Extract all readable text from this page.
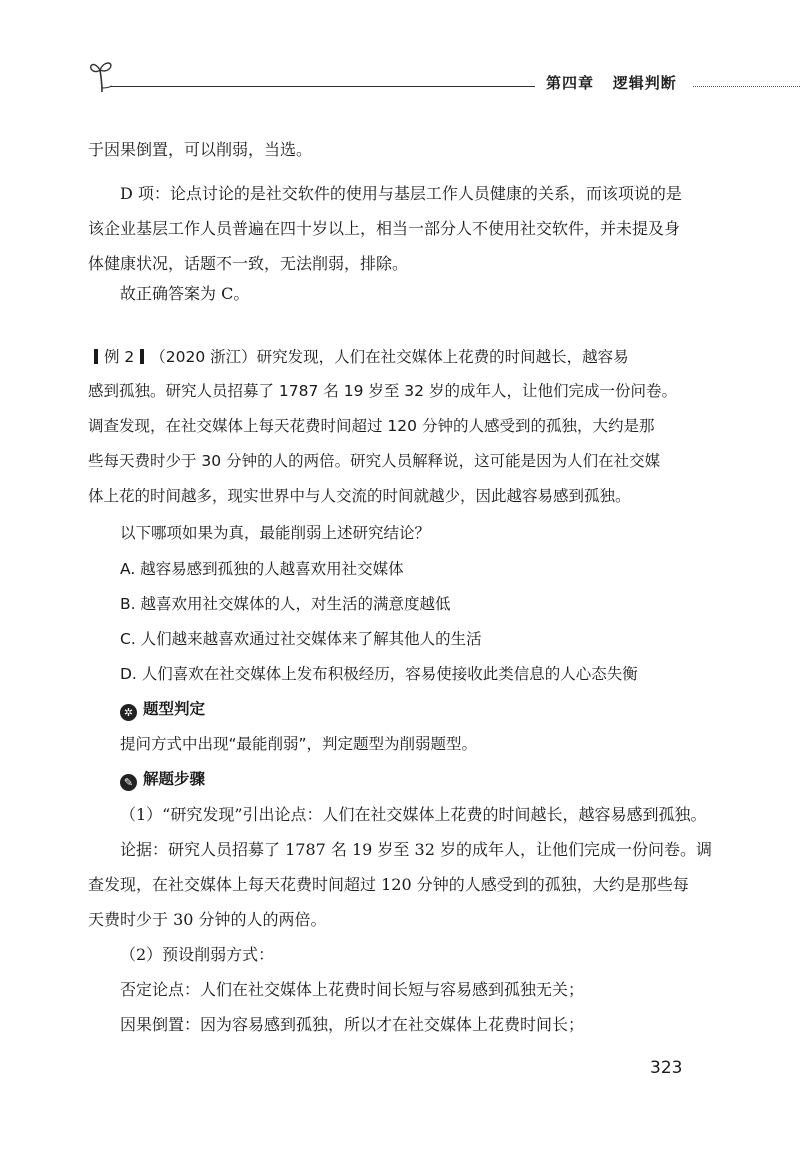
第四章 逻辑判断
于因果倒置，可以削弱，当选。
D 项：论点讨论的是社交软件的使用与基层工作人员健康的关系，而该项说的是
该企业基层工作人员普遍在四十岁以上，相当一部分人不使用社交软件，并未提及身
体健康状况，话题不一致，无法削弱，排除。
故正确答案为 C。
例 2 （2020 浙江）研究发现，人们在社交媒体上花费的时间越长，越容易
感到孤独。研究人员招募了 1787 名 19 岁至 32 岁的成年人，让他们完成一份问卷。
调查发现，在社交媒体上每天花费时间超过 120 分钟的人感受到的孤独，大约是那
些每天费时少于 30 分钟的人的两倍。研究人员解释说，这可能是因为人们在社交媒
体上花的时间越多，现实世界中与人交流的时间就越少，因此越容易感到孤独。
以下哪项如果为真，最能削弱上述研究结论？
A. 越容易感到孤独的人越喜欢用社交媒体
B. 越喜欢用社交媒体的人，对生活的满意度越低
C. 人们越来越喜欢通过社交媒体来了解其他人的生活
D. 人们喜欢在社交媒体上发布积极经历，容易使接收此类信息的人心态失衡
✲ 题型判定
提问方式中出现“最能削弱”，判定题型为削弱题型。
✎ 解题步骤
（1）“研究发现”引出论点：人们在社交媒体上花费的时间越长，越容易感到孤独。
论据：研究人员招募了 1787 名 19 岁至 32 岁的成年人，让他们完成一份问卷。调
查发现，在社交媒体上每天花费时间超过 120 分钟的人感受到的孤独，大约是那些每
天费时少于 30 分钟的人的两倍。
（2）预设削弱方式：
否定论点：人们在社交媒体上花费时间长短与容易感到孤独无关；
因果倒置：因为容易感到孤独，所以才在社交媒体上花费时间长；
323
